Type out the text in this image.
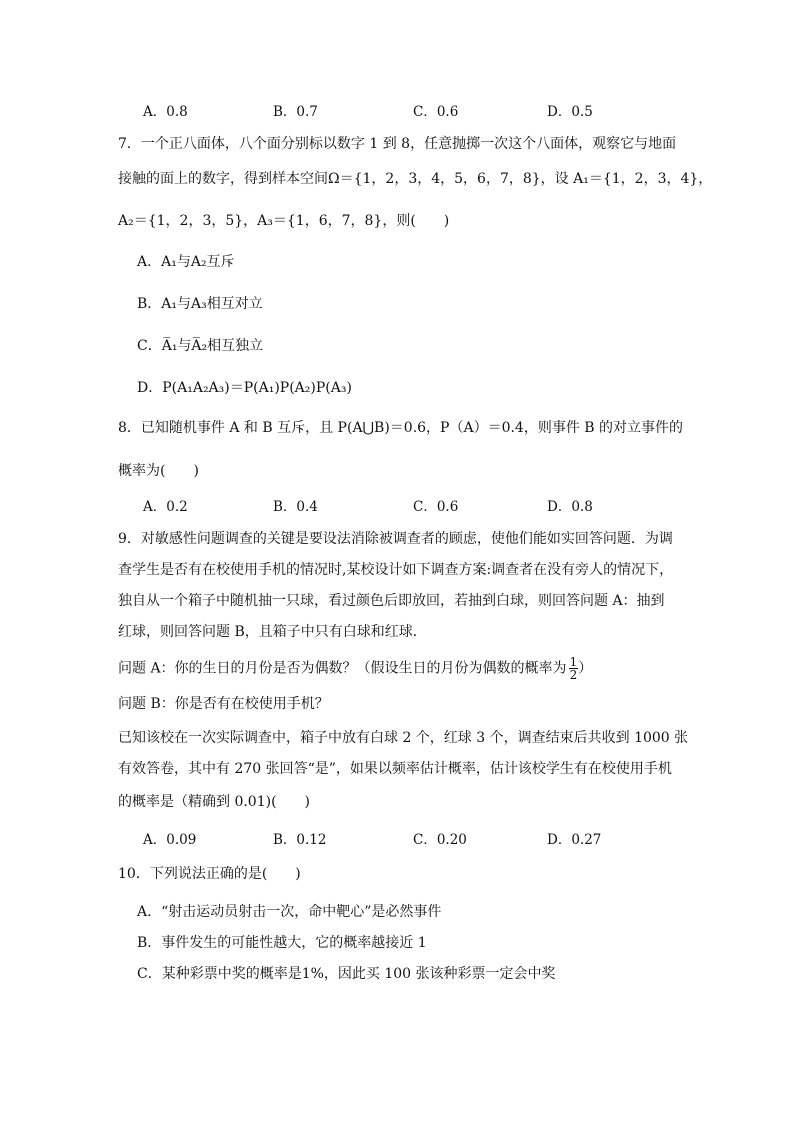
A．0.8	B．0.7	C．0.6	D．0.5
7．一个正八面体，八个面分别标以数字 1 到 8，任意抛掷一次这个八面体，观察它与地面
接触的面上的数字，得到样本空间Ω＝{1，2，3，4，5，6，7，8}，设 A₁＝{1，2，3，4}，
A₂＝{1，2，3，5}，A₃＝{1，6，7，8}，则(　　)
A．A₁与A₂互斥
B．A₁与A₃相互对立
C．A̅₁与A̅₂相互独立
D．P(A₁A₂A₃)＝P(A₁)P(A₂)P(A₃)
8．已知随机事件 A 和 B 互斥，且 P(A⋃B)＝0.6，P（A）＝0.4，则事件 B 的对立事件的
概率为(　　)
A．0.2	B．0.4	C．0.6	D．0.8
9．对敏感性问题调查的关键是要设法消除被调查者的顾虑，使他们能如实回答问题．为调
查学生是否有在校使用手机的情况时,某校设计如下调查方案:调查者在没有旁人的情况下，
独自从一个箱子中随机抽一只球，看过颜色后即放回，若抽到白球，则回答问题 A：抽到
红球，则回答问题 B，且箱子中只有白球和红球．
问题 A：你的生日的月份是否为偶数？（假设生日的月份为偶数的概率为 $\frac{1}{2}$ ）
问题 B：你是否有在校使用手机？
已知该校在一次实际调查中，箱子中放有白球 2 个，红球 3 个，调查结束后共收到 1000 张
有效答卷，其中有 270 张回答“是”，如果以频率估计概率，估计该校学生有在校使用手机
的概率是（精确到 0.01)(　　)
A．0.09	B．0.12	C．0.20	D．0.27
10．下列说法正确的是(　　)
A．“射击运动员射击一次，命中靶心”是必然事件
B．事件发生的可能性越大，它的概率越接近 1
C．某种彩票中奖的概率是1%，因此买 100 张该种彩票一定会中奖
